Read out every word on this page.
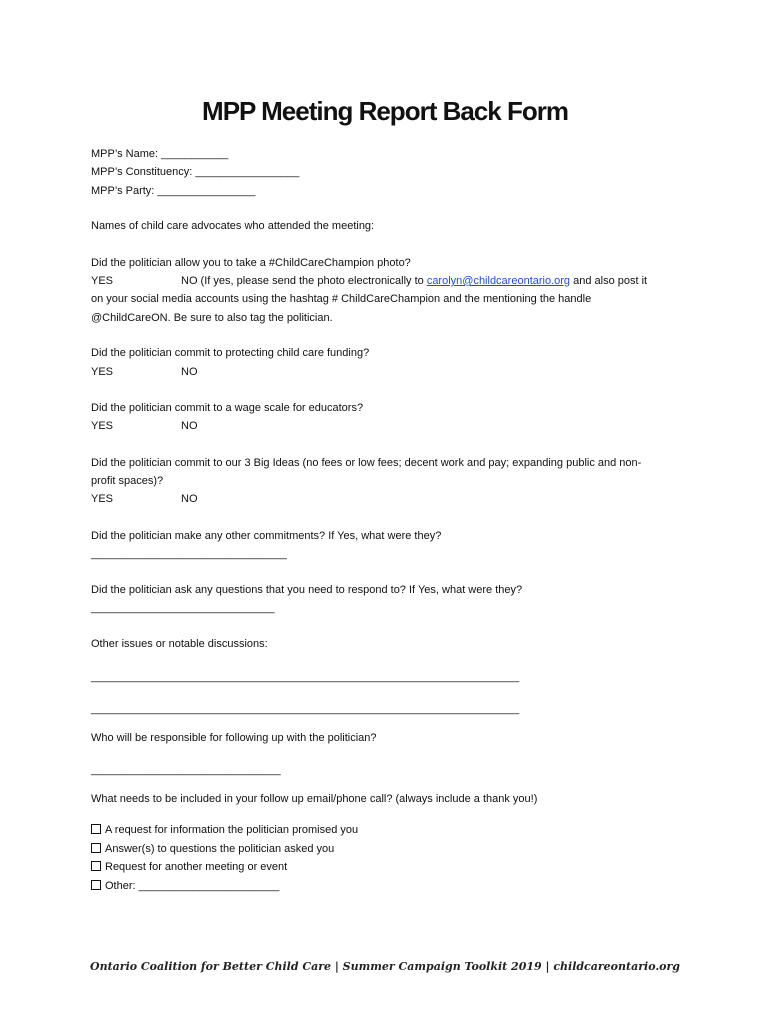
MPP Meeting Report Back Form
MPP’s Name: ___________
MPP’s Constituency: _________________
MPP’s Party: ________________
Names of child care advocates who attended the meeting:
Did the politician allow you to take a #ChildCareChampion photo?
YES	NO (If yes, please send the photo electronically to carolyn@childcareontario.org and also post it
on your social media accounts using the hashtag # ChildCareChampion and the mentioning the handle
@ChildCareON. Be sure to also tag the politician.
Did the politician commit to protecting child care funding?
YES	NO
Did the politician commit to a wage scale for educators?
YES	NO
Did the politician commit to our 3 Big Ideas (no fees or low fees; decent work and pay; expanding public and non-
profit spaces)?
YES	NO
Did the politician make any other commitments? If Yes, what were they?
________________________________
Did the politician ask any questions that you need to respond to? If Yes, what were they?
______________________________
Other issues or notable discussions:
______________________________________________________________________
______________________________________________________________________
Who will be responsible for following up with the politician?
_______________________________
What needs to be included in your follow up email/phone call? (always include a thank you!)
A request for information the politician promised you
Answer(s) to questions the politician asked you
Request for another meeting or event
Other: _______________________
Ontario Coalition for Better Child Care | Summer Campaign Toolkit 2019 | childcareontario.org
